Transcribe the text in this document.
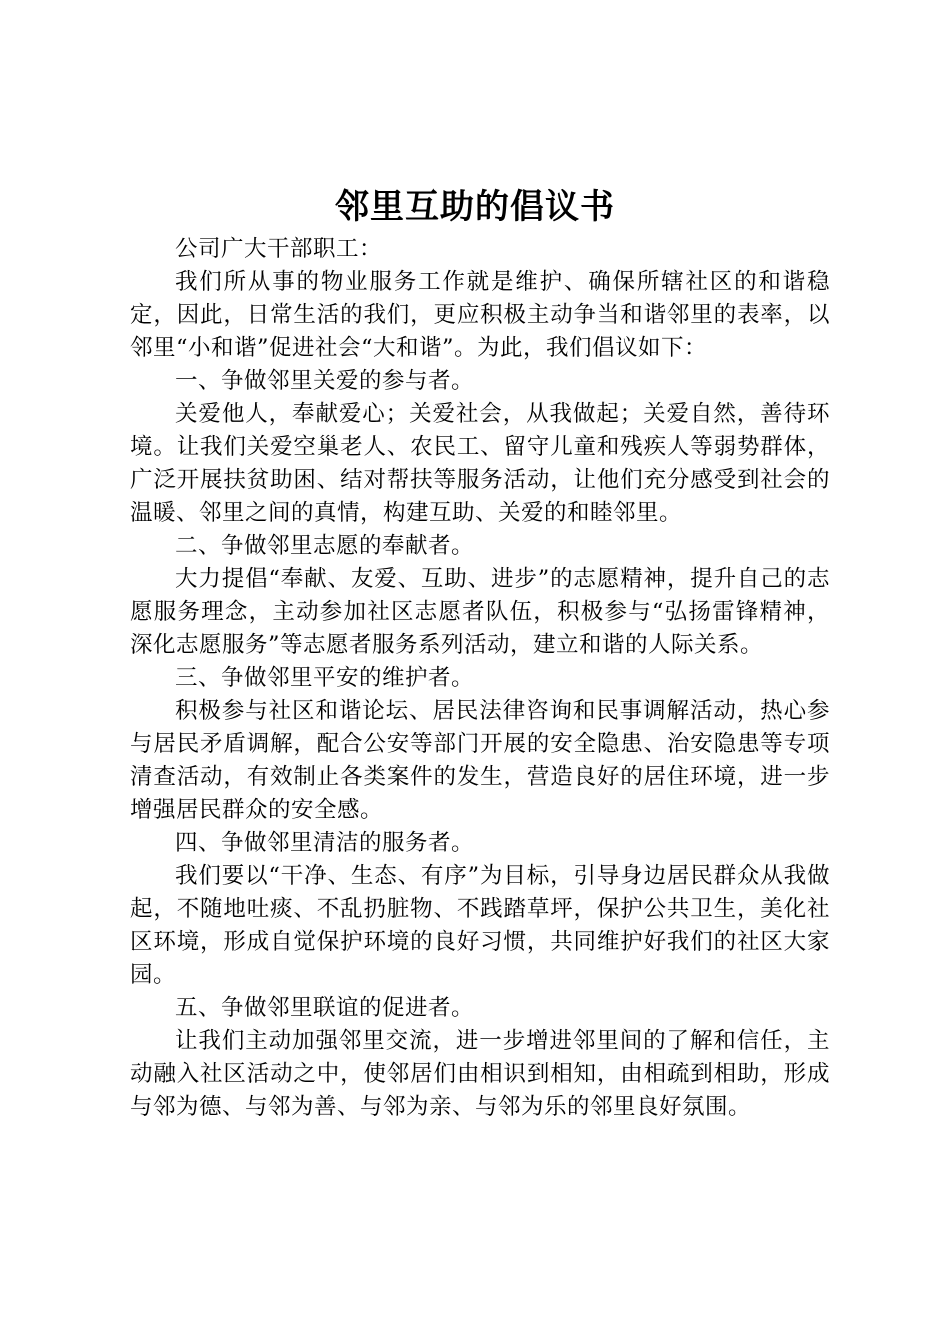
邻里互助的倡议书

公司广大干部职工：

我们所从事的物业服务工作就是维护、确保所辖社区的和谐稳定，因此，日常生活的我们，更应积极主动争当和谐邻里的表率，以邻里“小和谐”促进社会“大和谐”。为此，我们倡议如下：

一、争做邻里关爱的参与者。

关爱他人，奉献爱心；关爱社会，从我做起；关爱自然，善待环境。让我们关爱空巢老人、农民工、留守儿童和残疾人等弱势群体，广泛开展扶贫助困、结对帮扶等服务活动，让他们充分感受到社会的温暖、邻里之间的真情，构建互助、关爱的和睦邻里。

二、争做邻里志愿的奉献者。

大力提倡“奉献、友爱、互助、进步”的志愿精神，提升自己的志愿服务理念，主动参加社区志愿者队伍，积极参与“弘扬雷锋精神，深化志愿服务”等志愿者服务系列活动，建立和谐的人际关系。

三、争做邻里平安的维护者。

积极参与社区和谐论坛、居民法律咨询和民事调解活动，热心参与居民矛盾调解，配合公安等部门开展的安全隐患、治安隐患等专项清查活动，有效制止各类案件的发生，营造良好的居住环境，进一步增强居民群众的安全感。

四、争做邻里清洁的服务者。

我们要以“干净、生态、有序”为目标，引导身边居民群众从我做起，不随地吐痰、不乱扔脏物、不践踏草坪，保护公共卫生，美化社区环境，形成自觉保护环境的良好习惯，共同维护好我们的社区大家园。

五、争做邻里联谊的促进者。

让我们主动加强邻里交流，进一步增进邻里间的了解和信任，主动融入社区活动之中，使邻居们由相识到相知，由相疏到相助，形成与邻为德、与邻为善、与邻为亲、与邻为乐的邻里良好氛围。
